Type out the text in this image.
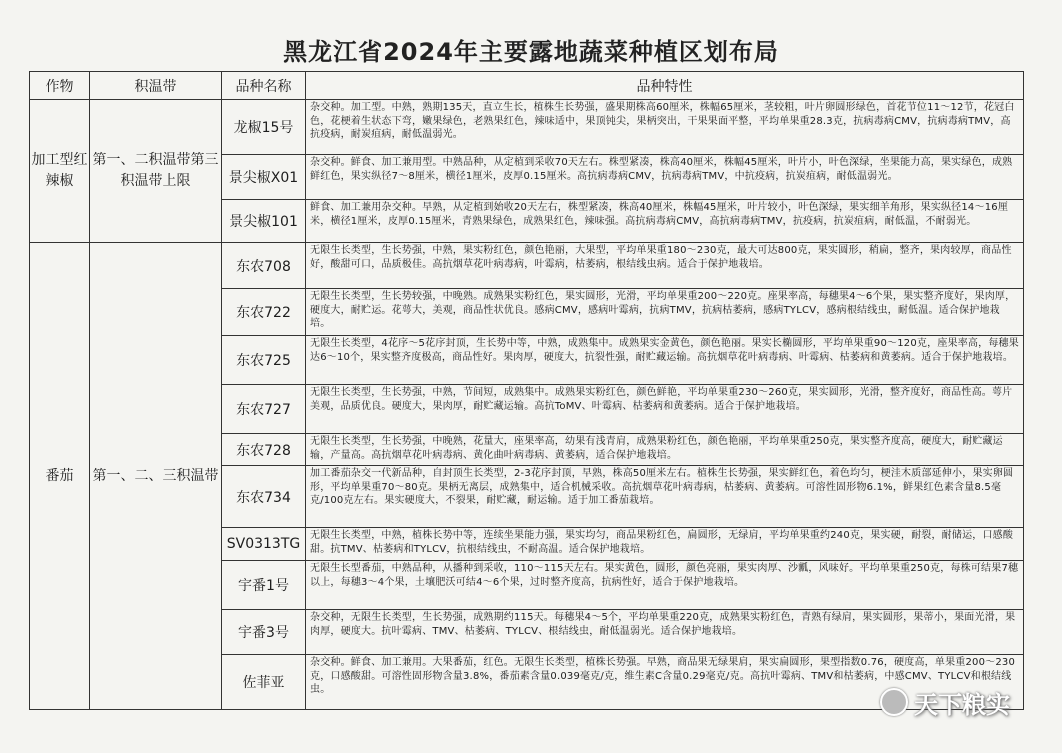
黑龙江省2024年主要露地蔬菜种植区划布局
作物	积温带	品种名称	品种特性
加工型红辣椒	第一、二积温带第三积温带上限	龙椒15号	杂交种。加工型。中熟，熟期135天，直立生长，植株生长势强，盛果期株高60厘米，株幅65厘米，茎较粗，叶片卵圆形绿色，首花节位11～12节，花冠白色，花梗着生状态下弯，嫩果绿色，老熟果红色，辣味适中，果顶钝尖，果柄突出，干果果面平整，平均单果重28.3克，抗病毒病CMV，抗病毒病TMV，高抗疫病，耐炭疽病，耐低温弱光。
		景尖椒X01	杂交种。鲜食、加工兼用型。中熟品种，从定植到采收70天左右。株型紧凑，株高40厘米，株幅45厘米，叶片小，叶色深绿，坐果能力高，果实绿色，成熟鲜红色，果实纵径7～8厘米，横径1厘米，皮厚0.15厘米。高抗病毒病CMV，抗病毒病TMV，中抗疫病，抗炭疽病，耐低温弱光。
		景尖椒101	鲜食、加工兼用杂交种。早熟，从定植到始收20天左右，株型紧凑，株高40厘米，株幅45厘米，叶片较小，叶色深绿，果实细羊角形，果实纵径14～16厘米，横径1厘米，皮厚0.15厘米，青熟果绿色，成熟果红色，辣味强。高抗病毒病CMV，高抗病毒病TMV，抗疫病，抗炭疽病，耐低温，不耐弱光。
番茄	第一、二、三积温带	东农708	无限生长类型，生长势强，中熟，果实粉红色，颜色艳丽，大果型，平均单果重180～230克，最大可达800克，果实圆形，稍扁，整齐，果肉较厚，商品性好，酸甜可口，品质极佳。高抗烟草花叶病毒病，叶霉病，枯萎病，根结线虫病。适合于保护地栽培。
		东农722	无限生长类型，生长势较强，中晚熟。成熟果实粉红色，果实圆形，光滑，平均单果重200～220克。座果率高，每穗果4～6个果，果实整齐度好，果肉厚，硬度大，耐贮运。花萼大，美观，商品性状优良。感病CMV，感病叶霉病，抗病TMV，抗病枯萎病，感病TYLCV，感病根结线虫，耐低温。适合保护地栽培。
		东农725	无限生长类型，4花序～5花序封顶，生长势中等，中熟，成熟集中。成熟果实金黄色，颜色艳丽。果实长椭圆形，平均单果重90～120克，座果率高，每穗果达6～10个，果实整齐度极高，商品性好。果肉厚，硬度大，抗裂性强，耐贮藏运输。高抗烟草花叶病毒病、叶霉病、枯萎病和黄萎病。适合于保护地栽培。
		东农727	无限生长类型，生长势强，中熟，节间短，成熟集中。成熟果实粉红色，颜色鲜艳，平均单果重230～260克，果实圆形，光滑，整齐度好，商品性高。萼片美观，品质优良。硬度大，果肉厚，耐贮藏运输。高抗ToMV、叶霉病、枯萎病和黄萎病。适合于保护地栽培。
		东农728	无限生长类型，生长势强，中晚熟，花量大，座果率高，幼果有浅青肩，成熟果粉红色，颜色艳丽，平均单果重250克，果实整齐度高，硬度大，耐贮藏运输，产量高。高抗烟草花叶病毒病、黄化曲叶病毒病、黄萎病，适合保护地栽培。
		东农734	加工番茄杂交一代新品种，自封顶生长类型，2-3花序封顶，早熟，株高50厘米左右。植株生长势强，果实鲜红色，着色均匀，梗洼木质部延伸小，果实卵圆形，平均单果重70～80克。果柄无离层，成熟集中，适合机械采收。高抗烟草花叶病毒病，枯萎病、黄萎病。可溶性固形物6.1%，鲜果红色素含量8.5毫克/100克左右。果实硬度大，不裂果，耐贮藏，耐运输。适于加工番茄栽培。
		SV0313TG	无限生长类型，中熟，植株长势中等，连续坐果能力强，果实均匀，商品果粉红色，扁圆形，无绿肩，平均单果重约240克，果实硬，耐裂，耐储运，口感酸甜。抗TMV、枯萎病和TYLCV，抗根结线虫，不耐高温。适合保护地栽培。
		宇番1号	无限生长型番茄，中熟品种，从播种到采收，110～115天左右。果实黄色，圆形，颜色亮丽，果实肉厚、沙瓤，风味好。平均单果重250克，每株可结果7穗以上，每穗3～4个果，土壤肥沃可结4～6个果，过时整齐度高，抗病性好，适合于保护地栽培。
		宇番3号	杂交种，无限生长类型，生长势强，成熟期约115天。每穗果4～5个，平均单果重220克，成熟果实粉红色，青熟有绿肩，果实圆形，果蒂小，果面光滑，果肉厚，硬度大。抗叶霉病、TMV、枯萎病、TYLCV、根结线虫，耐低温弱光。适合保护地栽培。
		佐菲亚	杂交种。鲜食、加工兼用。大果番茄，红色。无限生长类型，植株长势强。早熟，商品果无绿果肩，果实扁圆形，果型指数0.76，硬度高，单果重200～230克，口感酸甜。可溶性固形物含量3.8%，番茄素含量0.039毫克/克，维生素C含量0.29毫克/克。高抗叶霉病、TMV和枯萎病，中感CMV、TYLCV和根结线虫。
天下粮实
